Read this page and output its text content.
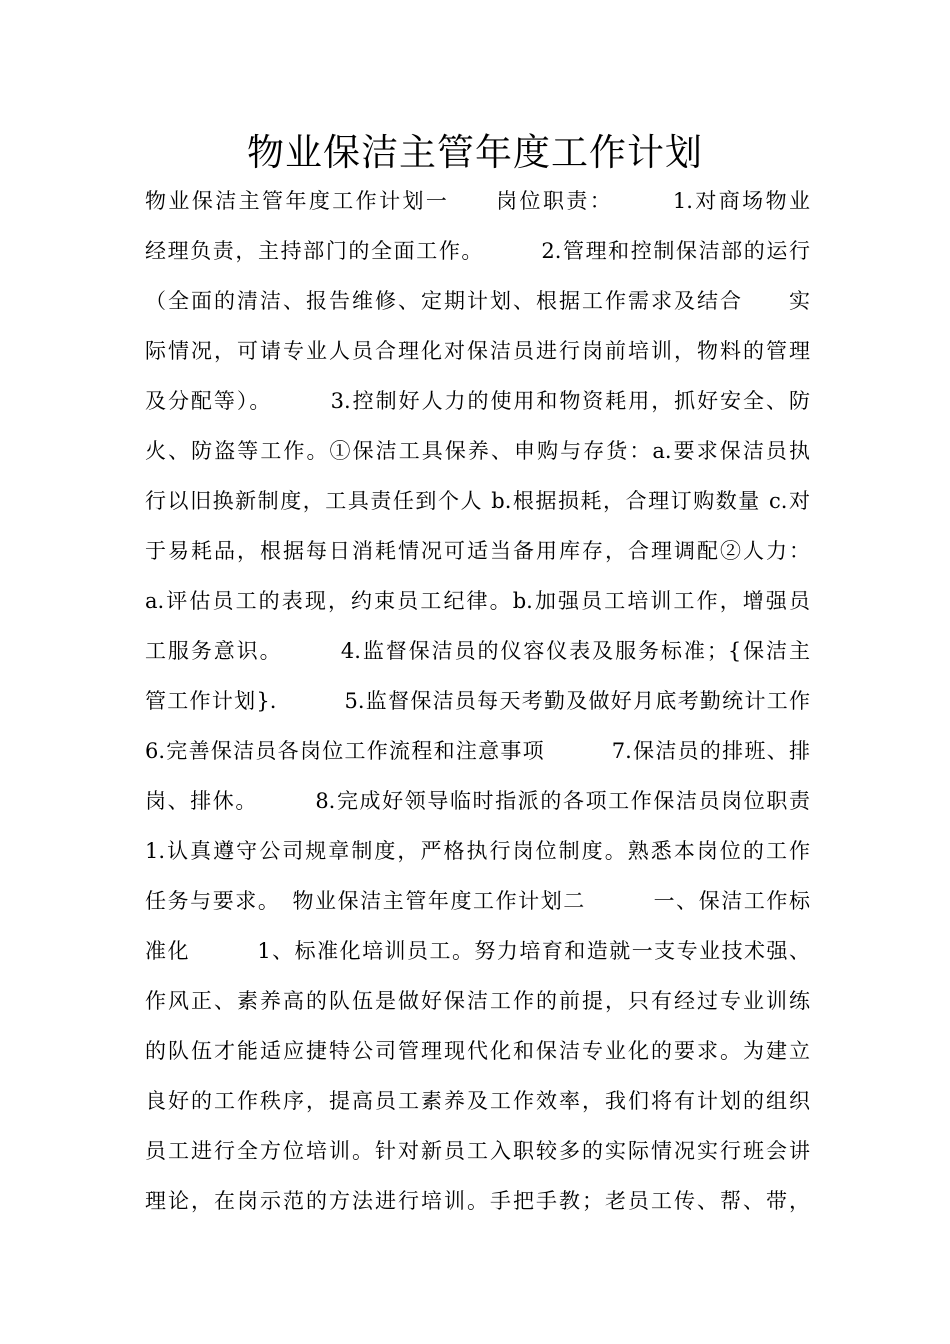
物业保洁主管年度工作计划
物业保洁主管年度工作计划一　　岗位职责：　　　1.对商场物业
经理负责，主持部门的全面工作。　　　2.管理和控制保洁部的运行
（全面的清洁、报告维修、定期计划、根据工作需求及结合　　实
际情况，可请专业人员合理化对保洁员进行岗前培训，物料的管理
及分配等）。　　　3.控制好人力的使用和物资耗用，抓好安全、防
火、防盗等工作。①保洁工具保养、申购与存货：a.要求保洁员执
行以旧换新制度，工具责任到个人 b.根据损耗，合理订购数量 c.对
于易耗品，根据每日消耗情况可适当备用库存，合理调配②人力：
a.评估员工的表现，约束员工纪律。b.加强员工培训工作，增强员
工服务意识。　　　4.监督保洁员的仪容仪表及服务标准；{保洁主
管工作计划}.　　　5.监督保洁员每天考勤及做好月底考勤统计工作
6.完善保洁员各岗位工作流程和注意事项　　　7.保洁员的排班、排
岗、排休。　　　8.完成好领导临时指派的各项工作保洁员岗位职责
1.认真遵守公司规章制度，严格执行岗位制度。熟悉本岗位的工作
任务与要求。　物业保洁主管年度工作计划二　　　一、保洁工作标
准化　　　1、标准化培训员工。努力培育和造就一支专业技术强、
作风正、素养高的队伍是做好保洁工作的前提，只有经过专业训练
的队伍才能适应捷特公司管理现代化和保洁专业化的要求。为建立
良好的工作秩序，提高员工素养及工作效率，我们将有计划的组织
员工进行全方位培训。针对新员工入职较多的实际情况实行班会讲
理论，在岗示范的方法进行培训。手把手教；老员工传、帮、带，
